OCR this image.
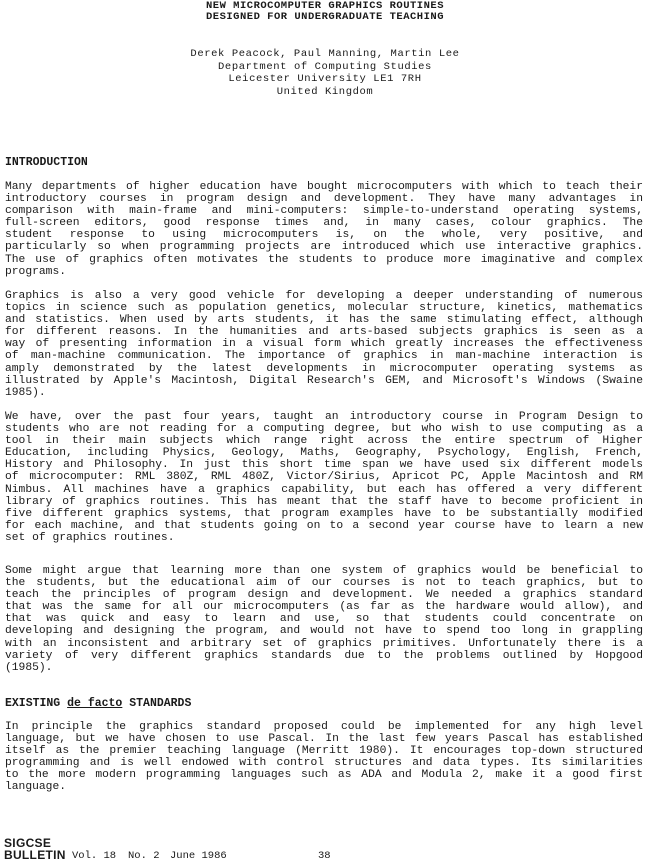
NEW MICROCOMPUTER GRAPHICS ROUTINES
DESIGNED FOR UNDERGRADUATE TEACHING
Derek Peacock, Paul Manning, Martin Lee
Department of Computing Studies
Leicester University LE1 7RH
United Kingdom
INTRODUCTION
Many departments of higher education have bought microcomputers with which to teach their
introductory courses in program design and development. They have many advantages in
comparison with main-frame and mini-computers: simple-to-understand operating systems,
full-screen editors, good response times and, in many cases, colour graphics. The
student response to using microcomputers is, on the whole, very positive, and
particularly so when programming projects are introduced which use interactive graphics.
The use of graphics often motivates the students to produce more imaginative and complex
programs.
Graphics is also a very good vehicle for developing a deeper understanding of numerous
topics in science such as population genetics, molecular structure, kinetics, mathematics
and statistics. When used by arts students, it has the same stimulating effect, although
for different reasons. In the humanities and arts-based subjects graphics is seen as a
way of presenting information in a visual form which greatly increases the effectiveness
of man-machine communication. The importance of graphics in man-machine interaction is
amply demonstrated by the latest developments in microcomputer operating systems as
illustrated by Apple's Macintosh, Digital Research's GEM, and Microsoft's Windows (Swaine
1985).
We have, over the past four years, taught an introductory course in Program Design to
students who are not reading for a computing degree, but who wish to use computing as a
tool in their main subjects which range right across the entire spectrum of Higher
Education, including Physics, Geology, Maths, Geography, Psychology, English, French,
History and Philosophy. In just this short time span we have used six different models
of microcomputer: RML 380Z, RML 480Z, Victor/Sirius, Apricot PC, Apple Macintosh and RM
Nimbus. All machines have a graphics capability, but each has offered a very different
library of graphics routines. This has meant that the staff have to become proficient in
five different graphics systems, that program examples have to be substantially modified
for each machine, and that students going on to a second year course have to learn a new
set of graphics routines.
Some might argue that learning more than one system of graphics would be beneficial to
the students, but the educational aim of our courses is not to teach graphics, but to
teach the principles of program design and development. We needed a graphics standard
that was the same for all our microcomputers (as far as the hardware would allow), and
that was quick and easy to learn and use, so that students could concentrate on
developing and designing the program, and would not have to spend too long in grappling
with an inconsistent and arbitrary set of graphics primitives. Unfortunately there is a
variety of very different graphics standards due to the problems outlined by Hopgood
(1985).
EXISTING de facto STANDARDS
In principle the graphics standard proposed could be implemented for any high level
language, but we have chosen to use Pascal. In the last few years Pascal has established
itself as the premier teaching language (Merritt 1980). It encourages top-down structured
programming and is well endowed with control structures and data types. Its similarities
to the more modern programming languages such as ADA and Modula 2, make it a good first
language.
SIGCSE
BULLETIN Vol. 18 No. 2 June 1986	38
